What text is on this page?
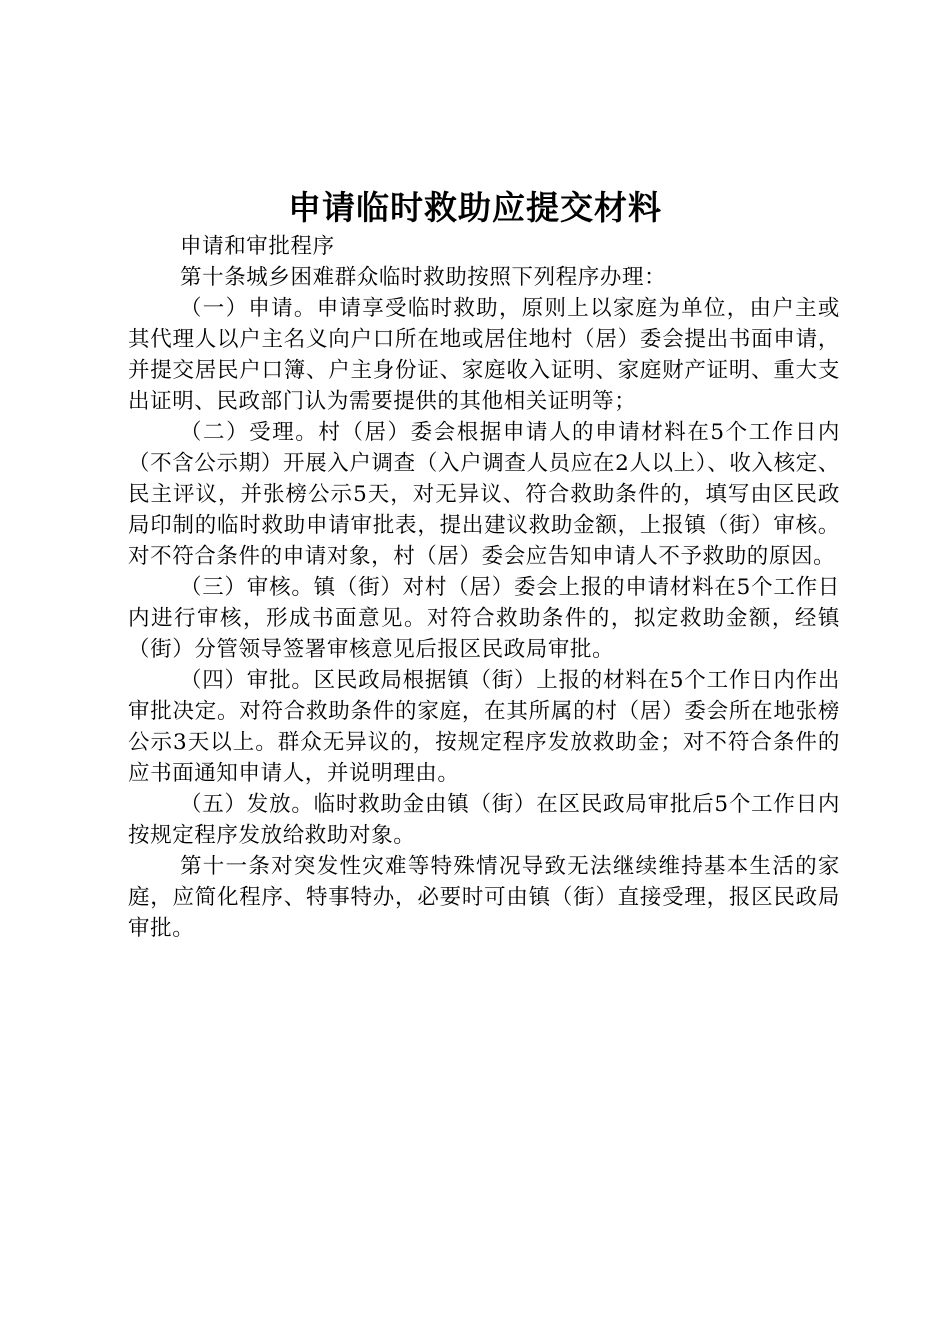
申请临时救助应提交材料

申请和审批程序

第十条城乡困难群众临时救助按照下列程序办理：

（一）申请。申请享受临时救助，原则上以家庭为单位，由户主或其代理人以户主名义向户口所在地或居住地村（居）委会提出书面申请，并提交居民户口簿、户主身份证、家庭收入证明、家庭财产证明、重大支出证明、民政部门认为需要提供的其他相关证明等；

（二）受理。村（居）委会根据申请人的申请材料在5个工作日内（不含公示期）开展入户调查（入户调查人员应在2人以上）、收入核定、民主评议，并张榜公示5天，对无异议、符合救助条件的，填写由区民政局印制的临时救助申请审批表，提出建议救助金额，上报镇（街）审核。对不符合条件的申请对象，村（居）委会应告知申请人不予救助的原因。

（三）审核。镇（街）对村（居）委会上报的申请材料在5个工作日内进行审核，形成书面意见。对符合救助条件的，拟定救助金额，经镇（街）分管领导签署审核意见后报区民政局审批。

（四）审批。区民政局根据镇（街）上报的材料在5个工作日内作出审批决定。对符合救助条件的家庭，在其所属的村（居）委会所在地张榜公示3天以上。群众无异议的，按规定程序发放救助金；对不符合条件的应书面通知申请人，并说明理由。

（五）发放。临时救助金由镇（街）在区民政局审批后5个工作日内按规定程序发放给救助对象。

第十一条对突发性灾难等特殊情况导致无法继续维持基本生活的家庭，应简化程序、特事特办，必要时可由镇（街）直接受理，报区民政局审批。
